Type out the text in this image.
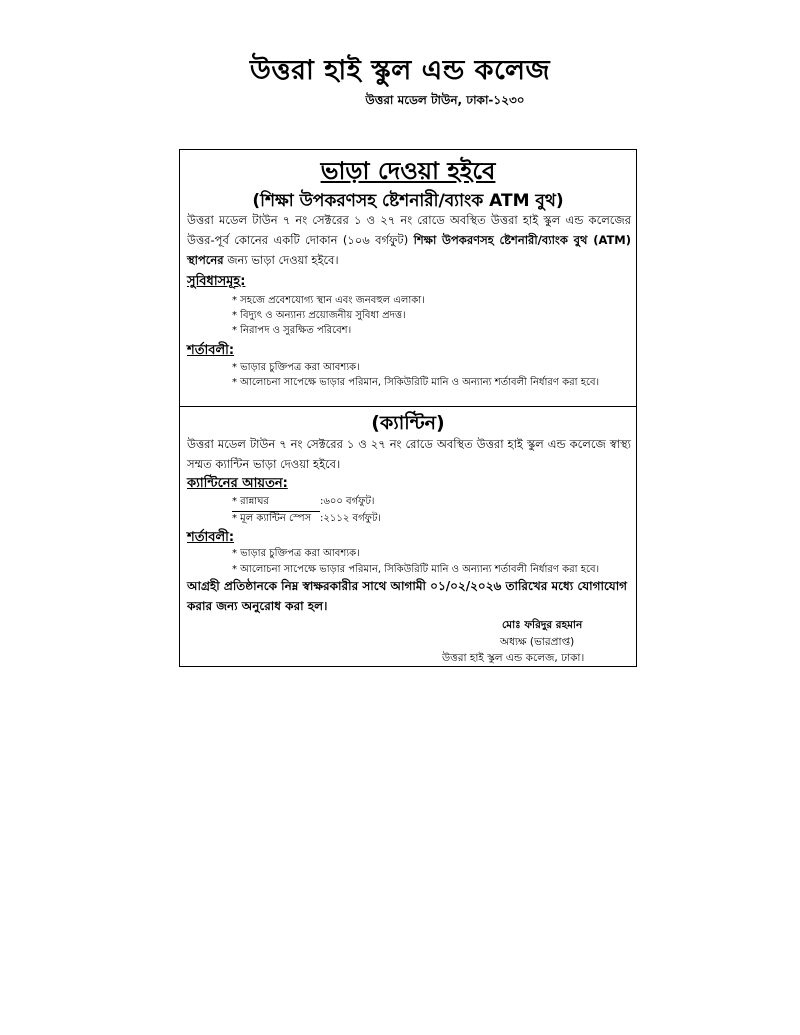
উত্তরা হাই স্কুল এন্ড কলেজ
উত্তরা মডেল টাউন, ঢাকা-১২৩০
ভাড়া দেওয়া হইবে
(শিক্ষা উপকরণসহ ষ্টেশনারী/ব্যাংক ATM বুথ)
উত্তরা মডেল টাউন ৭ নং সেক্টরের ১ ও ২৭ নং রোডে অবস্থিত উত্তরা হাই স্কুল এন্ড কলেজের উত্তর-পূর্ব কোনের একটি দোকান (১০৬ বর্গফুট) শিক্ষা উপকরণসহ ষ্টেশনারী/ব্যাংক বুথ (ATM) স্থাপনের জন্য ভাড়া দেওয়া হইবে।
সুবিধাসমূহ:
* সহজে প্রবেশযোগ্য স্থান এবং জনবহুল এলাকা।
* বিদ্যুৎ ও অন্যান্য প্রয়োজনীয় সুবিধা প্রদত্ত।
* নিরাপদ ও সুরক্ষিত পরিবেশ।
শর্তাবলী:
* ভাড়ার চুক্তিপত্র করা আবশ্যক।
* আলোচনা সাপেক্ষে ভাড়ার পরিমান, সিকিউরিটি মানি ও অন্যান্য শর্তাবলী নির্ধারণ করা হবে।
(ক্যান্টিন)
উত্তরা মডেল টাউন ৭ নং সেক্টরের ১ ও ২৭ নং রোডে অবস্থিত উত্তরা হাই স্কুল এন্ড কলেজে স্বাস্থ্য সম্মত ক্যান্টিন ভাড়া দেওয়া হইবে।
ক্যান্টিনের আয়তন:
* রান্নাঘর	:৬০০ বর্গফুট।
* মূল ক্যান্টিন স্পেস :২১১২ বর্গফুট।
শর্তাবলী:
* ভাড়ার চুক্তিপত্র করা আবশ্যক।
* আলোচনা সাপেক্ষে ভাড়ার পরিমান, সিকিউরিটি মানি ও অন্যান্য শর্তাবলী নির্ধারণ করা হবে।
আগ্রহী প্রতিষ্ঠানকে নিম্ন স্বাক্ষরকারীর সাথে আগামী ০১/০২/২০২৬ তারিখের মধ্যে যোগাযোগ করার জন্য অনুরোধ করা হল।
মোঃ ফরিদুর রহমান
অধ্যক্ষ (ভারপ্রাপ্ত)
উত্তরা হাই স্কুল এন্ড কলেজ, ঢাকা।
